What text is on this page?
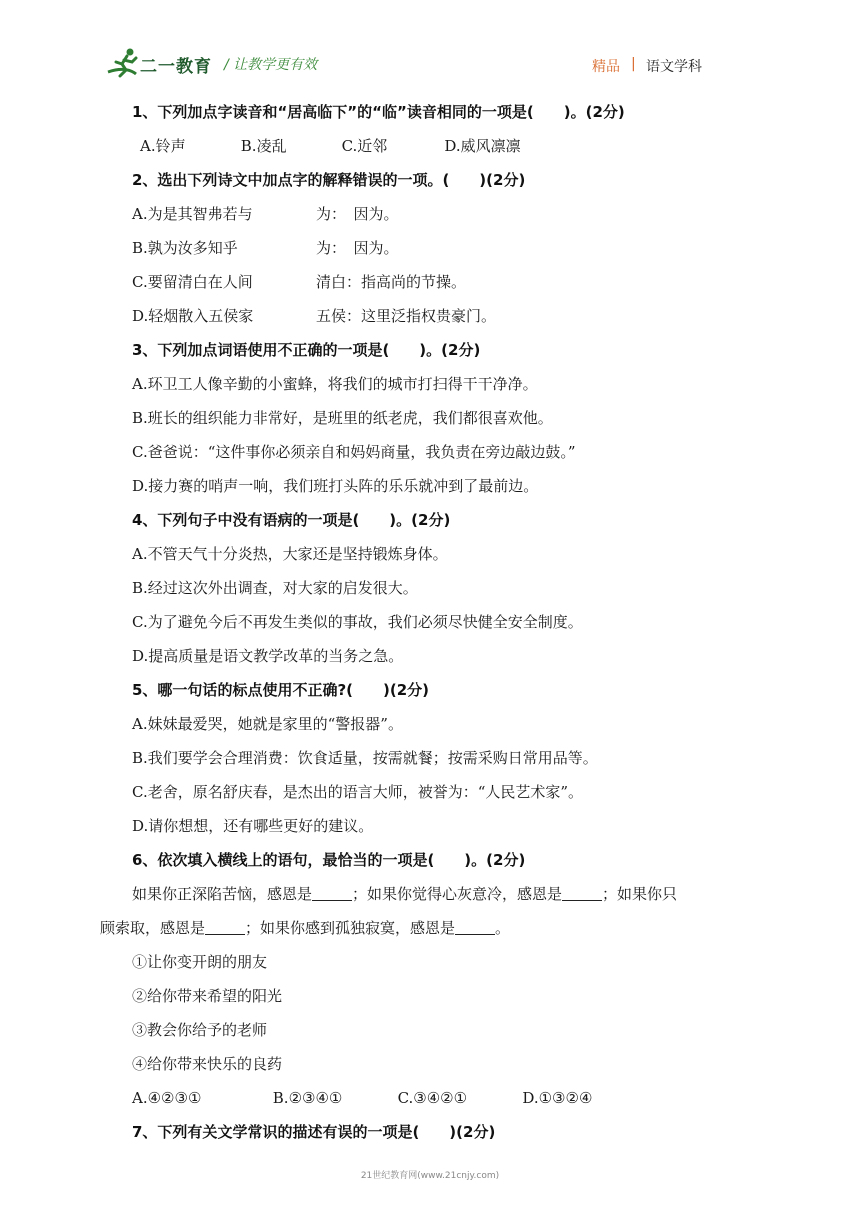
二一教育 / 让教学更有效	精品 | 语文学科
1、下列加点字读音和“居高临下”的“临”读音相同的一项是(　　)。(2分)
A.铃声	B.凌乱	C.近邻	D.威风凛凛
2、选出下列诗文中加点字的解释错误的一项。(　　)(2分)
A.为是其智弗若与	为：　因为。
B.孰为汝多知乎	为：　因为。
C.要留清白在人间	清白：指高尚的节操。
D.轻烟散入五侯家	五侯：这里泛指权贵豪门。
3、下列加点词语使用不正确的一项是(　　)。(2分)
A.环卫工人像辛勤的小蜜蜂，将我们的城市打扫得干干净净。
B.班长的组织能力非常好，是班里的纸老虎，我们都很喜欢他。
C.爸爸说：“这件事你必须亲自和妈妈商量，我负责在旁边敲边鼓。”
D.接力赛的哨声一响，我们班打头阵的乐乐就冲到了最前边。
4、下列句子中没有语病的一项是(　　)。(2分)
A.不管天气十分炎热，大家还是坚持锻炼身体。
B.经过这次外出调查，对大家的启发很大。
C.为了避免今后不再发生类似的事故，我们必须尽快健全安全制度。
D.提高质量是语文教学改革的当务之急。
5、哪一句话的标点使用不正确?(　　)(2分)
A.妹妹最爱哭，她就是家里的“警报器”。
B.我们要学会合理消费：饮食适量，按需就餐；按需采购日常用品等。
C.老舍，原名舒庆春，是杰出的语言大师，被誉为：“人民艺术家”。
D.请你想想，还有哪些更好的建议。
6、依次填入横线上的语句，最恰当的一项是(　　)。(2分)
如果你正深陷苦恼，感恩是	；如果你觉得心灰意冷，感恩是	；如果你只
顾索取，感恩是	；如果你感到孤独寂寞，感恩是	。
①让你变开朗的朋友
②给你带来希望的阳光
③教会你给予的老师
④给你带来快乐的良药
A.④②③①	B.②③④①	C.③④②①	D.①③②④
7、下列有关文学常识的描述有误的一项是(　　)(2分)
21世纪教育网(www.21cnjy.com)
